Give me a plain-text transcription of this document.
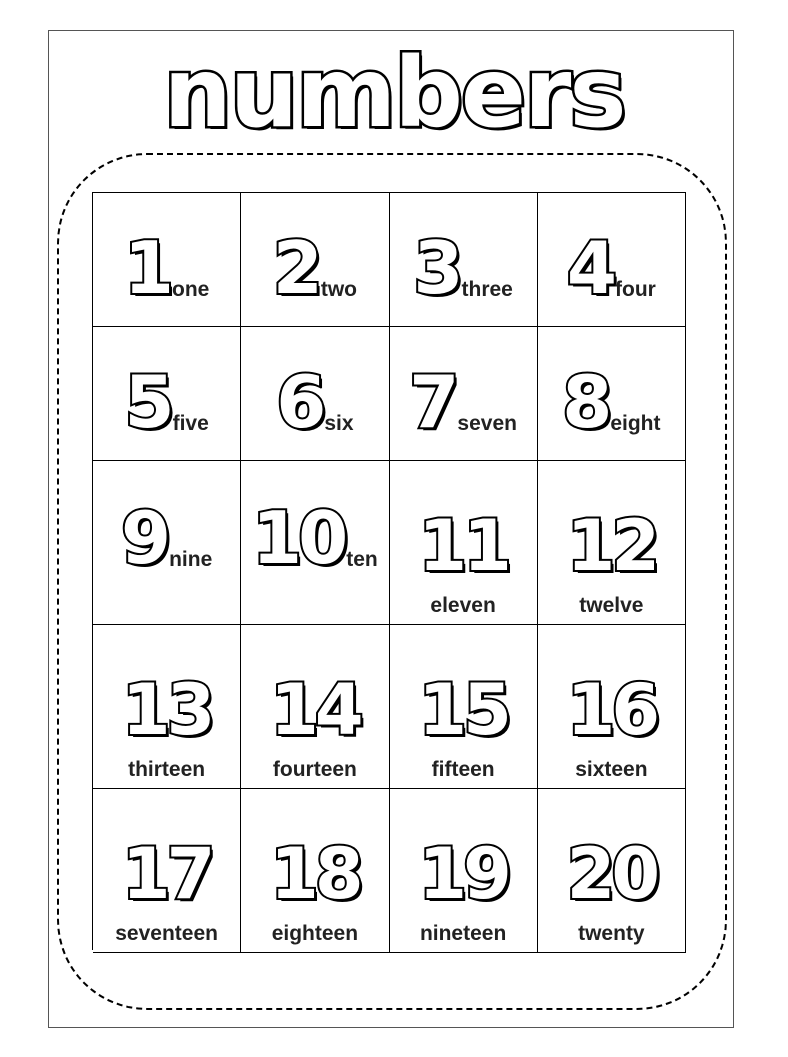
numbers
1 one 2 two 3 three 4 four
5 five 6 six 7 seven 8 eight
9 nine 10 ten 11
eleven
12
twelve
13
thirteen
14
fourteen
15
fifteen
16
sixteen
17
seventeen
18
eighteen
19
nineteen
20
twenty
